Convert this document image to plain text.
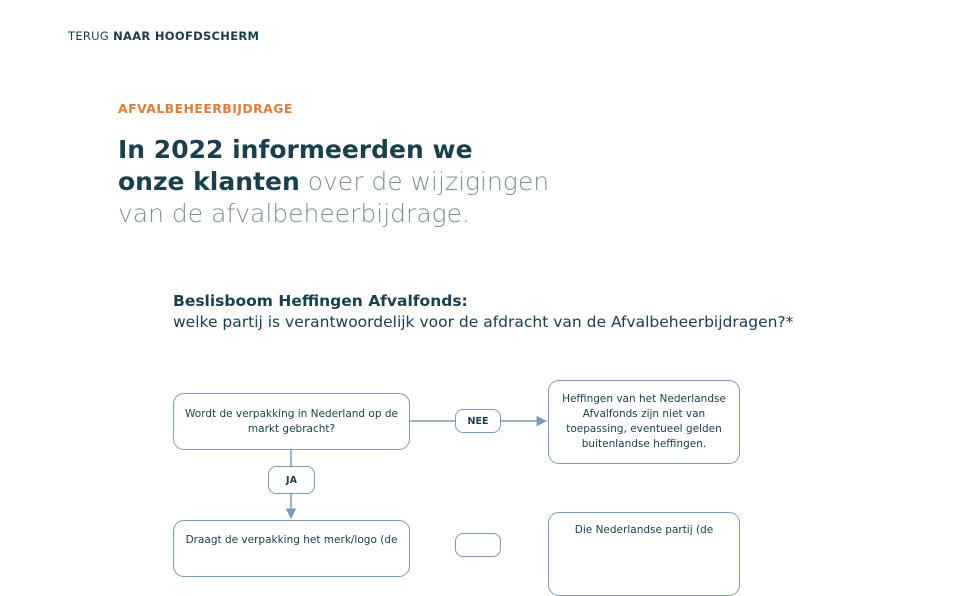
TERUG NAAR HOOFDSCHERM
AFVALBEHEERBIJDRAGE
In 2022 informeerden we
onze klanten over de wijzigingen
van de afvalbeheerbijdrage.
Beslisboom Heffingen Afvalfonds:
welke partij is verantwoordelijk voor de afdracht van de Afvalbeheerbijdragen?*
Wordt de verpakking in Nederland op de markt gebracht?
NEE
Heffingen van het Nederlandse Afvalfonds zijn niet van toepassing, eventueel gelden buitenlandse heffingen.
JA
Draagt de verpakking het merk/logo (de
Die Nederlandse partij (de
